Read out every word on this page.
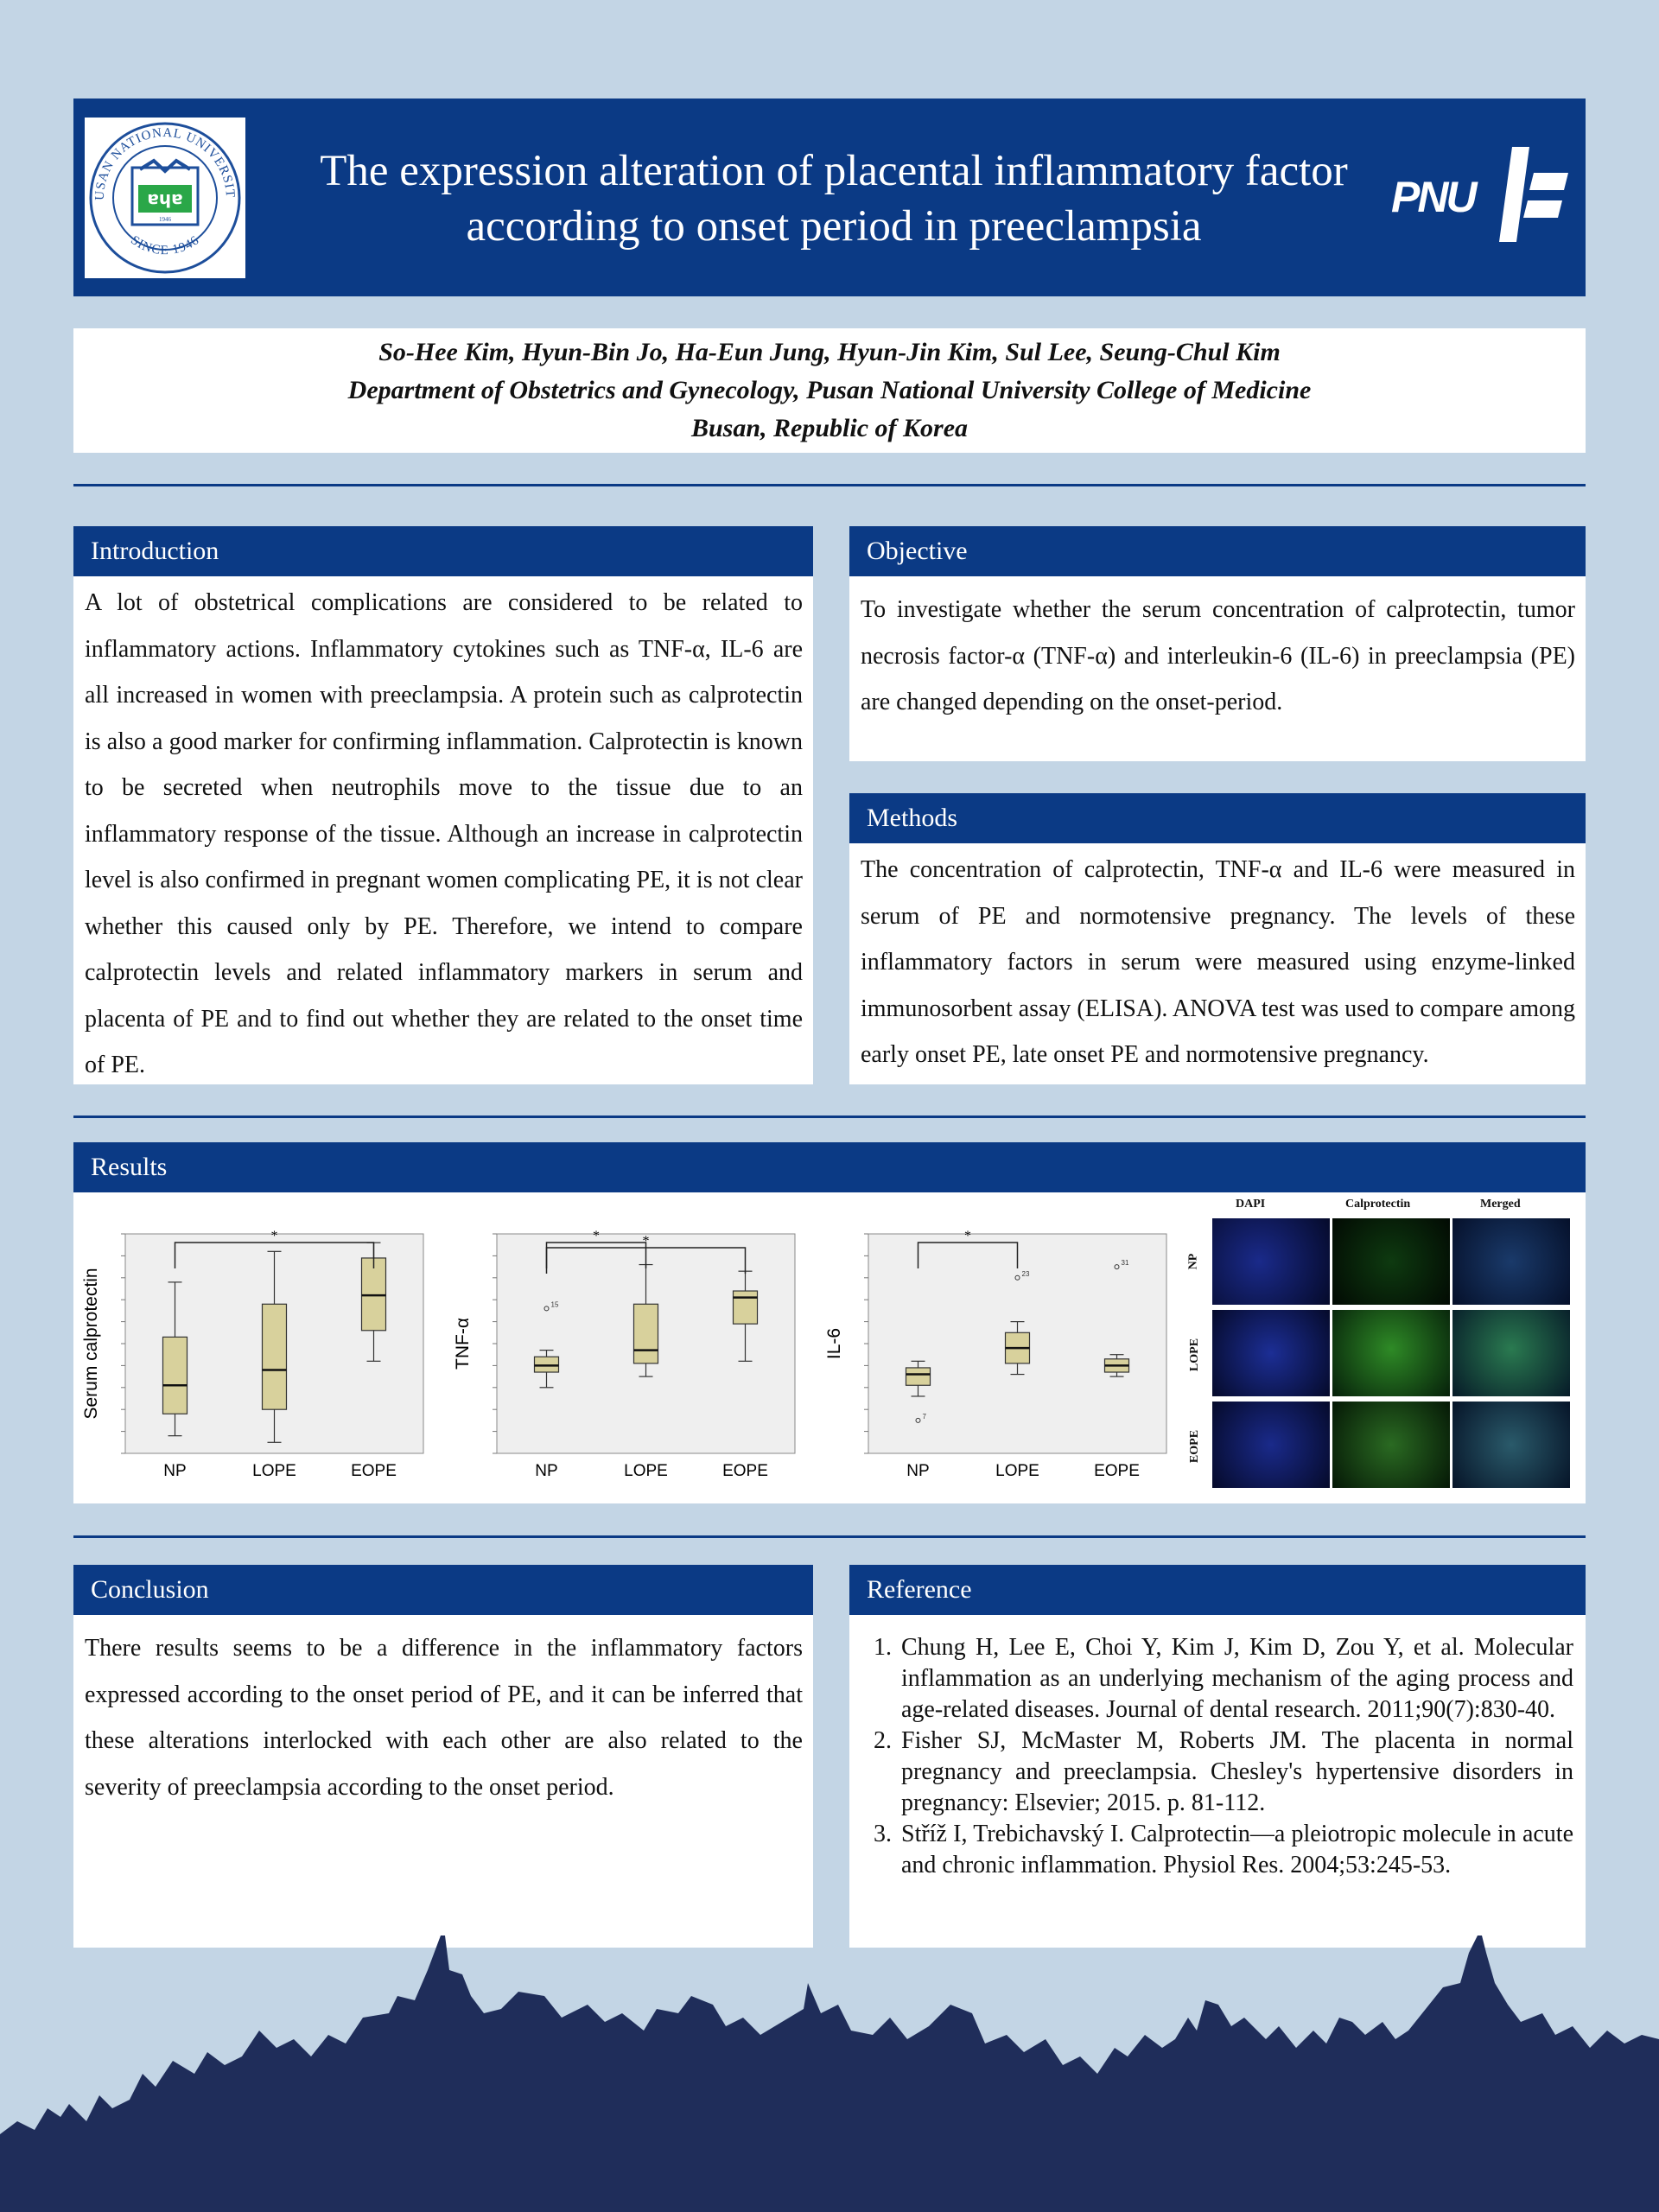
ɐɥɐ
1946
USAN NATIONAL UNIVERSIT
SINCE 1946
The expression alteration of placental inflammatory factor
according to onset period in preeclampsia
PNU
So-Hee Kim, Hyun-Bin Jo, Ha-Eun Jung, Hyun-Jin Kim, Sul Lee, Seung-Chul Kim
Department of Obstetrics and Gynecology, Pusan National University College of Medicine
Busan, Republic of Korea
Introduction
A lot of obstetrical complications are considered to be related to inflammatory actions. Inflammatory cytokines such as TNF-α, IL-6 are all increased in women with preeclampsia. A protein such as calprotectin is also a good marker for confirming inflammation. Calprotectin is known to be secreted when neutrophils move to the tissue due to an inflammatory response of the tissue. Although an increase in calprotectin level is also confirmed in pregnant women complicating PE, it is not clear whether this caused only by PE. Therefore, we intend to compare calprotectin levels and related inflammatory markers in serum and placenta of PE and to find out whether they are related to the onset time of PE.
Objective
To investigate whether the serum concentration of calprotectin, tumor necrosis factor-α (TNF-α) and interleukin-6 (IL-6) in preeclampsia (PE) are changed depending on the onset-period.
Methods
The concentration of calprotectin, TNF-α and IL-6 were measured in serum of PE and normotensive pregnancy. The levels of these inflammatory factors in serum were measured using enzyme-linked immunosorbent assay (ELISA). ANOVA test was used to compare among early onset PE, late onset PE and normotensive pregnancy.
Results
Serum calprotectin
NP	LOPE	EOPE
*
TNF-α
NP	LOPE	EOPE
15
*	*
IL-6
NP	LOPE	EOPE
7
23
31
*
DAPI	Calprotectin	Merged
NP
LOPE
EOPE
Conclusion
There results seems to be a difference in the inflammatory factors expressed according to the onset period of PE, and it can be inferred that these alterations interlocked with each other are also related to the severity of preeclampsia according to the onset period.
Reference
1. Chung H, Lee E, Choi Y, Kim J, Kim D, Zou Y, et al. Molecular inflammation as an underlying mechanism of the aging process and age-related diseases. Journal of dental research. 2011;90(7):830-40.
2. Fisher SJ, McMaster M, Roberts JM. The placenta in normal pregnancy and preeclampsia. Chesley's hypertensive disorders in pregnancy: Elsevier; 2015. p. 81-112.
3. Stříž I, Trebichavský I. Calprotectin—a pleiotropic molecule in acute and chronic inflammation. Physiol Res. 2004;53:245-53.
